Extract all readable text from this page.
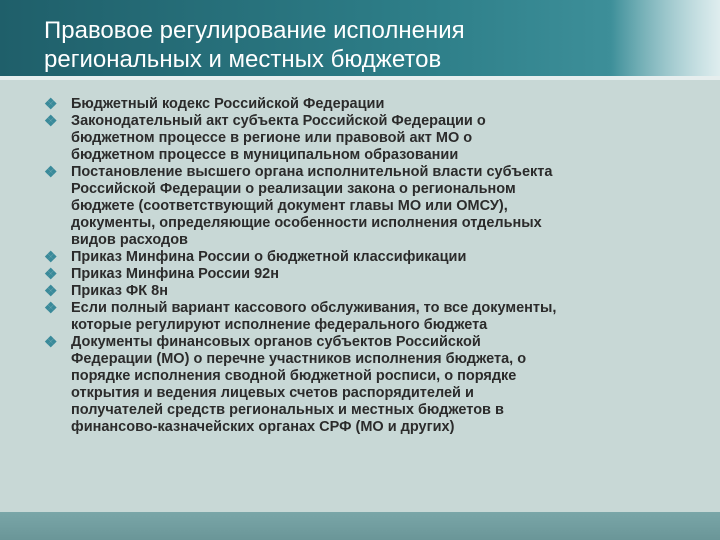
Правовое регулирование исполнения
региональных и местных бюджетов
❖ Бюджетный кодекс Российской Федерации
❖ Законодательный акт субъекта Российской Федерации о
бюджетном процессе в регионе или правовой акт МО о
бюджетном процессе в муниципальном образовании
❖ Постановление высшего органа исполнительной власти субъекта
Российской Федерации о реализации закона о региональном
бюджете (соответствующий документ главы МО или ОМСУ),
документы, определяющие особенности исполнения отдельных
видов расходов
❖ Приказ Минфина России о бюджетной классификации
❖ Приказ Минфина России 92н
❖ Приказ ФК 8н
❖ Если полный вариант кассового обслуживания, то все документы,
которые регулируют исполнение федерального бюджета
❖ Документы финансовых органов субъектов Российской
Федерации (МО) о перечне участников исполнения бюджета, о
порядке исполнения сводной бюджетной росписи, о порядке
открытия и ведения лицевых счетов распорядителей и
получателей средств региональных и местных бюджетов в
финансово-казначейских органах СРФ (МО и других)
